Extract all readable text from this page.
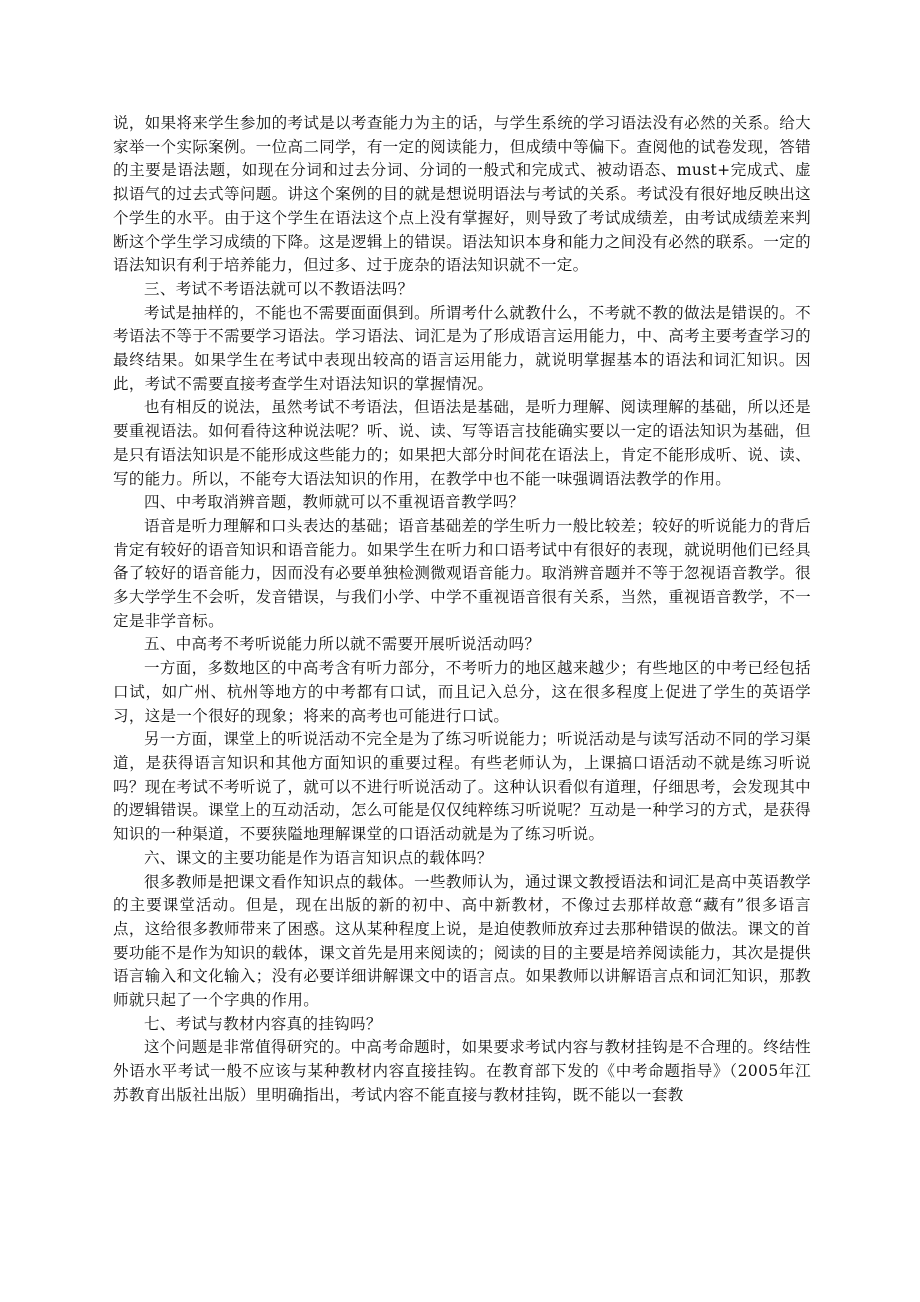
说，如果将来学生参加的考试是以考查能力为主的话，与学生系统的学习语法没有必然的关系。给大家举一个实际案例。一位高二同学，有一定的阅读能力，但成绩中等偏下。查阅他的试卷发现，答错的主要是语法题，如现在分词和过去分词、分词的一般式和完成式、被动语态、must+完成式、虚拟语气的过去式等问题。讲这个案例的目的就是想说明语法与考试的关系。考试没有很好地反映出这个学生的水平。由于这个学生在语法这个点上没有掌握好，则导致了考试成绩差，由考试成绩差来判断这个学生学习成绩的下降。这是逻辑上的错误。语法知识本身和能力之间没有必然的联系。一定的语法知识有利于培养能力，但过多、过于庞杂的语法知识就不一定。

三、考试不考语法就可以不教语法吗？

考试是抽样的，不能也不需要面面俱到。所谓考什么就教什么，不考就不教的做法是错误的。不考语法不等于不需要学习语法。学习语法、词汇是为了形成语言运用能力，中、高考主要考查学习的最终结果。如果学生在考试中表现出较高的语言运用能力，就说明掌握基本的语法和词汇知识。因此，考试不需要直接考查学生对语法知识的掌握情况。

也有相反的说法，虽然考试不考语法，但语法是基础，是听力理解、阅读理解的基础，所以还是要重视语法。如何看待这种说法呢？听、说、读、写等语言技能确实要以一定的语法知识为基础，但是只有语法知识是不能形成这些能力的；如果把大部分时间花在语法上，肯定不能形成听、说、读、写的能力。所以，不能夸大语法知识的作用，在教学中也不能一味强调语法教学的作用。

四、中考取消辨音题，教师就可以不重视语音教学吗？

语音是听力理解和口头表达的基础；语音基础差的学生听力一般比较差；较好的听说能力的背后肯定有较好的语音知识和语音能力。如果学生在听力和口语考试中有很好的表现，就说明他们已经具备了较好的语音能力，因而没有必要单独检测微观语音能力。取消辨音题并不等于忽视语音教学。很多大学学生不会听，发音错误，与我们小学、中学不重视语音很有关系，当然，重视语音教学，不一定是非学音标。

五、中高考不考听说能力所以就不需要开展听说活动吗？

一方面，多数地区的中高考含有听力部分，不考听力的地区越来越少；有些地区的中考已经包括口试，如广州、杭州等地方的中考都有口试，而且记入总分，这在很多程度上促进了学生的英语学习，这是一个很好的现象；将来的高考也可能进行口试。

另一方面，课堂上的听说活动不完全是为了练习听说能力；听说活动是与读写活动不同的学习渠道，是获得语言知识和其他方面知识的重要过程。有些老师认为，上课搞口语活动不就是练习听说吗？现在考试不考听说了，就可以不进行听说活动了。这种认识看似有道理，仔细思考，会发现其中的逻辑错误。课堂上的互动活动，怎么可能是仅仅纯粹练习听说呢？互动是一种学习的方式，是获得知识的一种渠道，不要狭隘地理解课堂的口语活动就是为了练习听说。

六、课文的主要功能是作为语言知识点的载体吗？

很多教师是把课文看作知识点的载体。一些教师认为，通过课文教授语法和词汇是高中英语教学的主要课堂活动。但是，现在出版的新的初中、高中新教材，不像过去那样故意“藏有”很多语言点，这给很多教师带来了困惑。这从某种程度上说，是迫使教师放弃过去那种错误的做法。课文的首要功能不是作为知识的载体，课文首先是用来阅读的；阅读的目的主要是培养阅读能力，其次是提供语言输入和文化输入；没有必要详细讲解课文中的语言点。如果教师以讲解语言点和词汇知识，那教师就只起了一个字典的作用。

七、考试与教材内容真的挂钩吗？

这个问题是非常值得研究的。中高考命题时，如果要求考试内容与教材挂钩是不合理的。终结性外语水平考试一般不应该与某种教材内容直接挂钩。在教育部下发的《中考命题指导》（2005年江苏教育出版社出版）里明确指出，考试内容不能直接与教材挂钩，既不能以一套教
